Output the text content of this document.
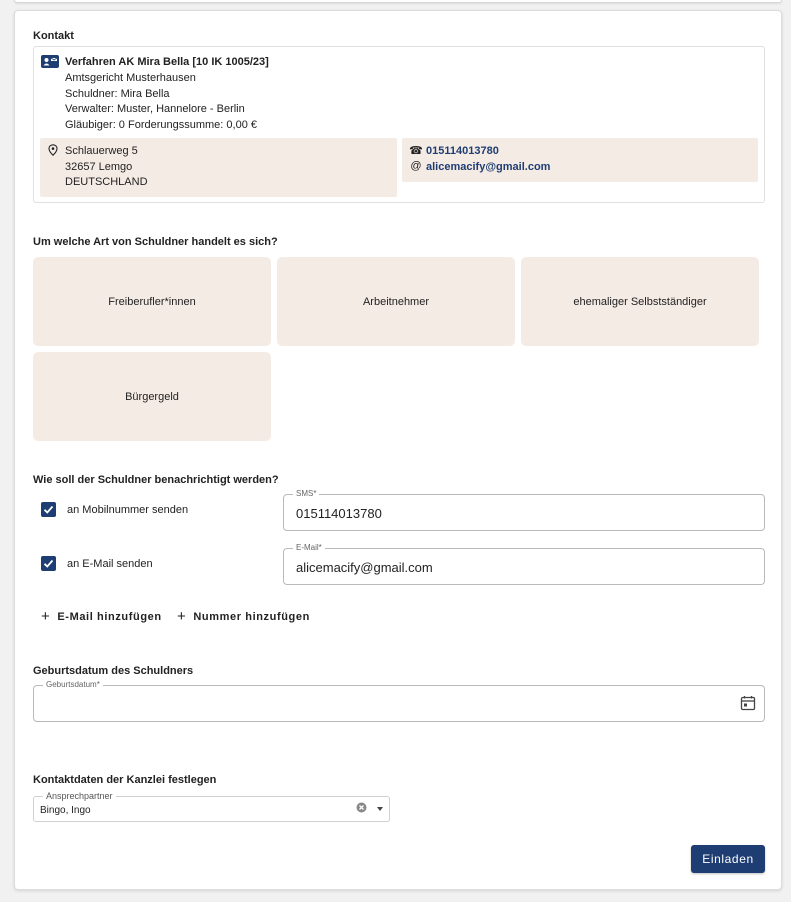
Kontakt
Verfahren AK Mira Bella [10 IK 1005/23]
Amtsgericht Musterhausen
Schuldner: Mira Bella
Verwalter: Muster, Hannelore - Berlin
Gläubiger: 0 Forderungssumme: 0,00 €
Schlauerweg 5
32657 Lemgo
DEUTSCHLAND
☎ 015114013780
@ alicemacify@gmail.com
Um welche Art von Schuldner handelt es sich?
Freiberufler*innen	Arbeitnehmer	ehemaliger Selbstständiger
Bürgergeld
Wie soll der Schuldner benachrichtigt werden?
an Mobilnummer senden
SMS*
015114013780
an E-Mail senden
E-Mail*
alicemacify@gmail.com
+ E-Mail hinzufügen + Nummer hinzufügen
Geburtsdatum des Schuldners
Geburtsdatum*
Kontaktdaten der Kanzlei festlegen
Ansprechpartner
Bingo, Ingo
Einladen
